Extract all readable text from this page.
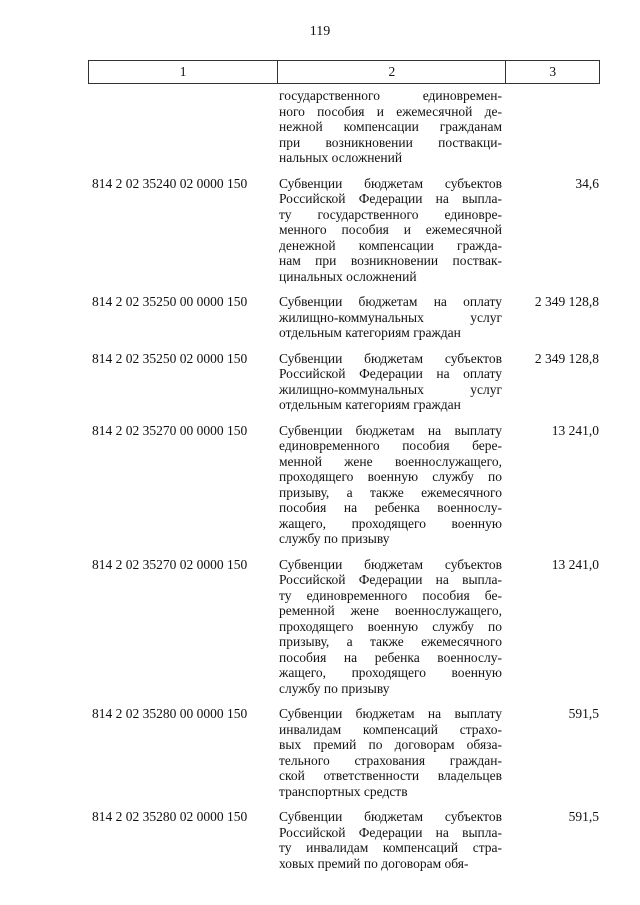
119
1	2	3
государственного единовремен-
ного пособия и ежемесячной де-
нежной компенсации гражданам
при возникновении поствакци-
нальных осложнений
814 2 02 35240 02 0000 150 Субвенции бюджетам субъектов
Российской Федерации на выпла-
ту государственного единовре-
менного пособия и ежемесячной
денежной компенсации гражда-
нам при возникновении поствак-
цинальных осложнений
34,6
814 2 02 35250 00 0000 150 Субвенции бюджетам на оплату
жилищно-коммунальных услуг
отдельным категориям граждан
2 349 128,8
814 2 02 35250 02 0000 150 Субвенции бюджетам субъектов
Российской Федерации на оплату
жилищно-коммунальных услуг
отдельным категориям граждан
2 349 128,8
814 2 02 35270 00 0000 150 Субвенции бюджетам на выплату
единовременного пособия бере-
менной жене военнослужащего,
проходящего военную службу по
призыву, а также ежемесячного
пособия на ребенка военнослу-
жащего, проходящего военную
службу по призыву
13 241,0
814 2 02 35270 02 0000 150 Субвенции бюджетам субъектов
Российской Федерации на выпла-
ту единовременного пособия бе-
ременной жене военнослужащего,
проходящего военную службу по
призыву, а также ежемесячного
пособия на ребенка военнослу-
жащего, проходящего военную
службу по призыву
13 241,0
814 2 02 35280 00 0000 150 Субвенции бюджетам на выплату
инвалидам компенсаций страхо-
вых премий по договорам обяза-
тельного страхования граждан-
ской ответственности владельцев
транспортных средств
591,5
814 2 02 35280 02 0000 150 Субвенции бюджетам субъектов
Российской Федерации на выпла-
ту инвалидам компенсаций стра-
ховых премий по договорам обя-
591,5
